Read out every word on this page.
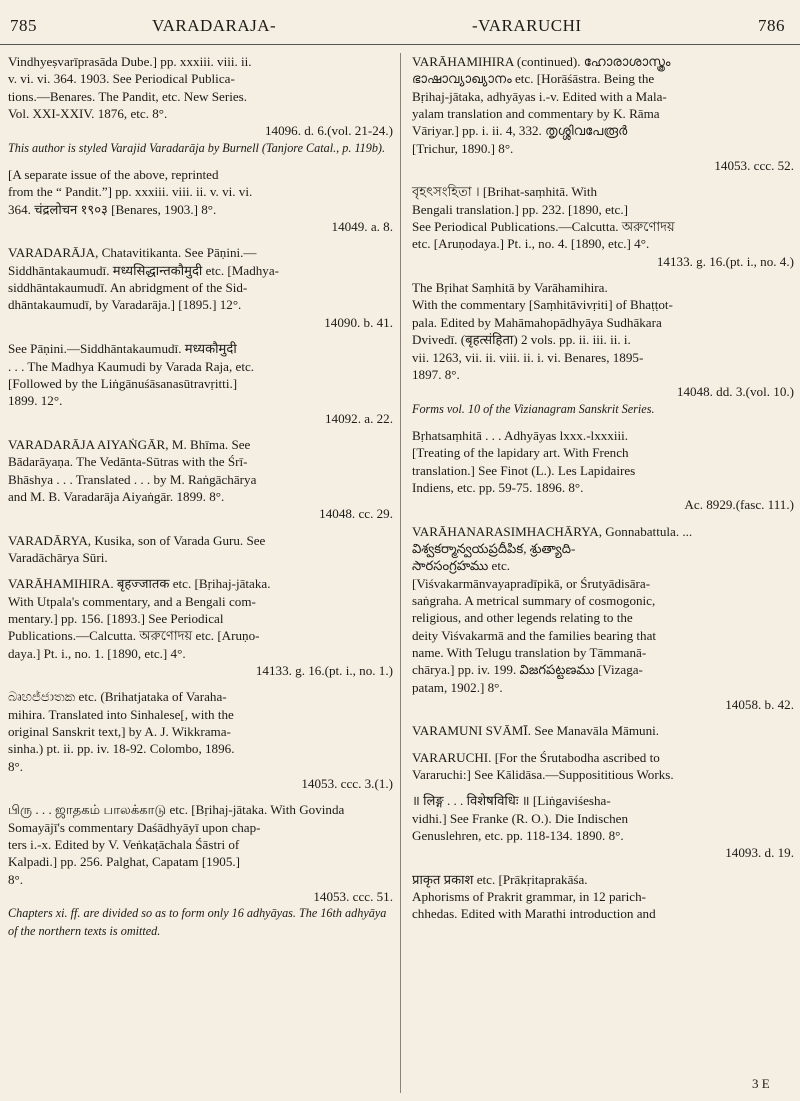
785	VARADARAJA-	-VARARUCHI	786
Vindhyeṣvarīprasāda Dube.] pp. xxxiii. viii. ii.
v. vi. vi. 364. 1903. See Periodical Publica-
tions.—Benares. The Pandit, etc. New Series.
Vol. XXI-XXIV. 1876, etc. 8°.
14096. d. 6.(vol. 21-24.)
This author is styled Varajid Varadarāja by Burnell (Tanjore Catal., p. 119b).
[A separate issue of the above, reprinted
from the “ Pandit.”] pp. xxxiii. viii. ii. v. vi. vi.
364. चंद्रलोचन १९०३ [Benares, 1903.] 8°.
14049. a. 8.
VARADARĀJA, Chatavitikanta. See Pāṇini.—
Siddhāntakaumudī. मध्यसिद्धान्तकौमुदी etc. [Madhya-
siddhāntakaumudī. An abridgment of the Sid-
dhāntakaumudī, by Varadarāja.] [1895.] 12°.
14090. b. 41.
See Pāṇini.—Siddhāntakaumudī. मध्यकौमुदी
. . . The Madhya Kaumudi by Varada Raja, etc.
[Followed by the Liṅgānuśāsanasūtravṛitti.]
1899. 12°.
14092. a. 22.
VARADARĀJA AIYAṄGĀR, M. Bhīma. See
Bādarāyaṇa. The Vedānta-Sūtras with the Śrī-
Bhāshya . . . Translated . . . by M. Raṅgāchārya
and M. B. Varadarāja Aiyaṅgār. 1899. 8°.
14048. cc. 29.
VARADĀRYA, Kusika, son of Varada Guru. See
Varadāchārya Sūri.
VARĀHAMIHIRA. बृहज्जातक etc. [Bṛihaj-jātaka.
With Utpala's commentary, and a Bengali com-
mentary.] pp. 156. [1893.] See Periodical
Publications.—Calcutta. অরুণোদয় etc. [Aruṇo-
daya.] Pt. i., no. 1. [1890, etc.] 4°.
14133. g. 16.(pt. i., no. 1.)
බෘහජ්ජාතක etc. (Brihatjataka of Varaha-
mihira. Translated into Sinhalese[, with the
original Sanskrit text,] by A. J. Wikkrama-
sinha.) pt. ii. pp. iv. 18-92. Colombo, 1896.
8°.
14053. ccc. 3.(1.)
பிரு . . . ஜாதகம் பாலக்காடு etc. [Bṛihaj-jātaka. With Govinda
Somayājī's commentary Daśādhyāyī upon chap-
ters i.-x. Edited by V. Veṅkaṭāchala Śāstri of
Kalpadi.] pp. 256. Palghat, Capatam [1905.]
8°.
14053. ccc. 51.
Chapters xi. ff. are divided so as to form only 16 adhyāyas. The 16th adhyāya of the northern texts is omitted.
VARĀHAMIHIRA (continued). ഹോരാശാസ്ത്രം
ഭാഷാവ്യാഖ്യാനം etc. [Horāśāstra. Being the
Bṛihaj-jātaka, adhyāyas i.-v. Edited with a Mala-
yalam translation and commentary by K. Rāma
Vāriyar.] pp. i. ii. 4, 332. തൃശ്ശിവപേരൂർ
[Trichur, 1890.] 8°.
14053. ccc. 52.
বৃহৎসংহিতা । [Brihat-saṃhitā. With
Bengali translation.] pp. 232. [1890, etc.]
See Periodical Publications.—Calcutta. অরুণোদয়
etc. [Aruṇodaya.] Pt. i., no. 4. [1890, etc.] 4°.
14133. g. 16.(pt. i., no. 4.)
The Bṛihat Saṃhitā by Varāhamihira.
With the commentary [Saṃhitāvivṛiti] of Bhaṭṭot-
pala. Edited by Mahāmahopādhyāya Sudhākara
Dvivedī. (बृहत्संहिता) 2 vols. pp. ii. iii. ii. i.
vii. 1263, vii. ii. viii. ii. i. vi. Benares, 1895-
1897. 8°.
14048. dd. 3.(vol. 10.)
Forms vol. 10 of the Vizianagram Sanskrit Series.
Bṛhatsaṃhitā . . . Adhyāyas lxxx.-lxxxiii.
[Treating of the lapidary art. With French
translation.] See Finot (L.). Les Lapidaires
Indiens, etc. pp. 59-75. 1896. 8°.
Ac. 8929.(fasc. 111.)
VARĀHANARASIMHACHĀRYA, Gonnabattula. ...
విశ్వకర్మాన్వయప్రదీపిక, శ్రుత్యాది-
సారసంగ్రహము etc.
[Viśvakarmānvayapradīpikā, or Śrutyādisāra-
saṅgraha. A metrical summary of cosmogonic,
religious, and other legends relating to the
deity Viśvakarmā and the families bearing that
name. With Telugu translation by Tāmmanā-
chārya.] pp. iv. 199. విజగపట్టణము [Vizaga-
patam, 1902.] 8°.
14058. b. 42.
VARAMUNI SVĀMĪ. See Manavāla Māmuni.
VARARUCHI. [For the Śrutabodha ascribed to
Vararuchi:] See Kālidāsa.—Supposititious Works.
॥ लिङ्ग . . . विशेषविधिः ॥ [Liṅgaviśesha-
vidhi.] See Franke (R. O.). Die Indischen
Genuslehren, etc. pp. 118-134. 1890. 8°.
14093. d. 19.
प्राकृत प्रकाश etc. [Prākṛitaprakāśa.
Aphorisms of Prakrit grammar, in 12 parich-
chhedas. Edited with Marathi introduction and
3 E
